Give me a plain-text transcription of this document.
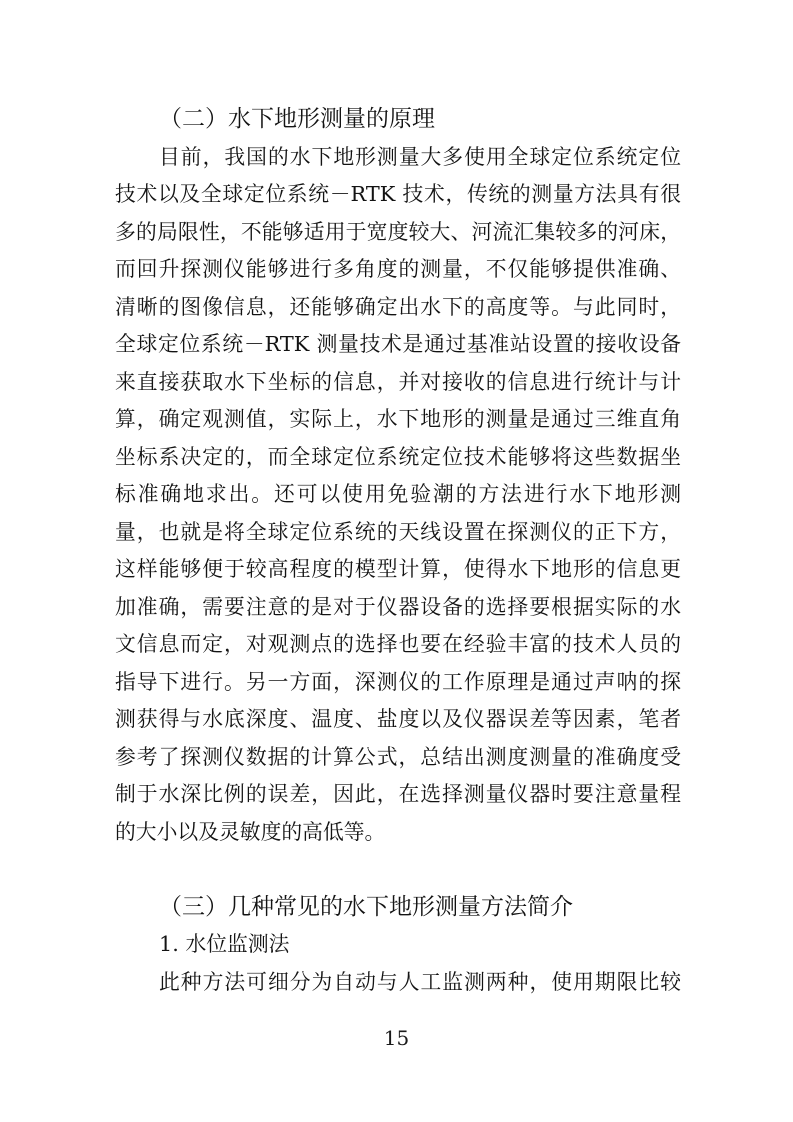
（二）水下地形测量的原理
目前，我国的水下地形测量大多使用全球定位系统定位
技术以及全球定位系统－RTK 技术，传统的测量方法具有很
多的局限性，不能够适用于宽度较大、河流汇集较多的河床，
而回升探测仪能够进行多角度的测量，不仅能够提供准确、
清晰的图像信息，还能够确定出水下的高度等。与此同时，
全球定位系统－RTK 测量技术是通过基准站设置的接收设备
来直接获取水下坐标的信息，并对接收的信息进行统计与计
算，确定观测值，实际上，水下地形的测量是通过三维直角
坐标系决定的，而全球定位系统定位技术能够将这些数据坐
标准确地求出。还可以使用免验潮的方法进行水下地形测
量，也就是将全球定位系统的天线设置在探测仪的正下方，
这样能够便于较高程度的模型计算，使得水下地形的信息更
加准确，需要注意的是对于仪器设备的选择要根据实际的水
文信息而定，对观测点的选择也要在经验丰富的技术人员的
指导下进行。另一方面，深测仪的工作原理是通过声呐的探
测获得与水底深度、温度、盐度以及仪器误差等因素，笔者
参考了探测仪数据的计算公式，总结出测度测量的准确度受
制于水深比例的误差，因此，在选择测量仪器时要注意量程
的大小以及灵敏度的高低等。
（三）几种常见的水下地形测量方法简介
1. 水位监测法
此种方法可细分为自动与人工监测两种，使用期限比较
15
